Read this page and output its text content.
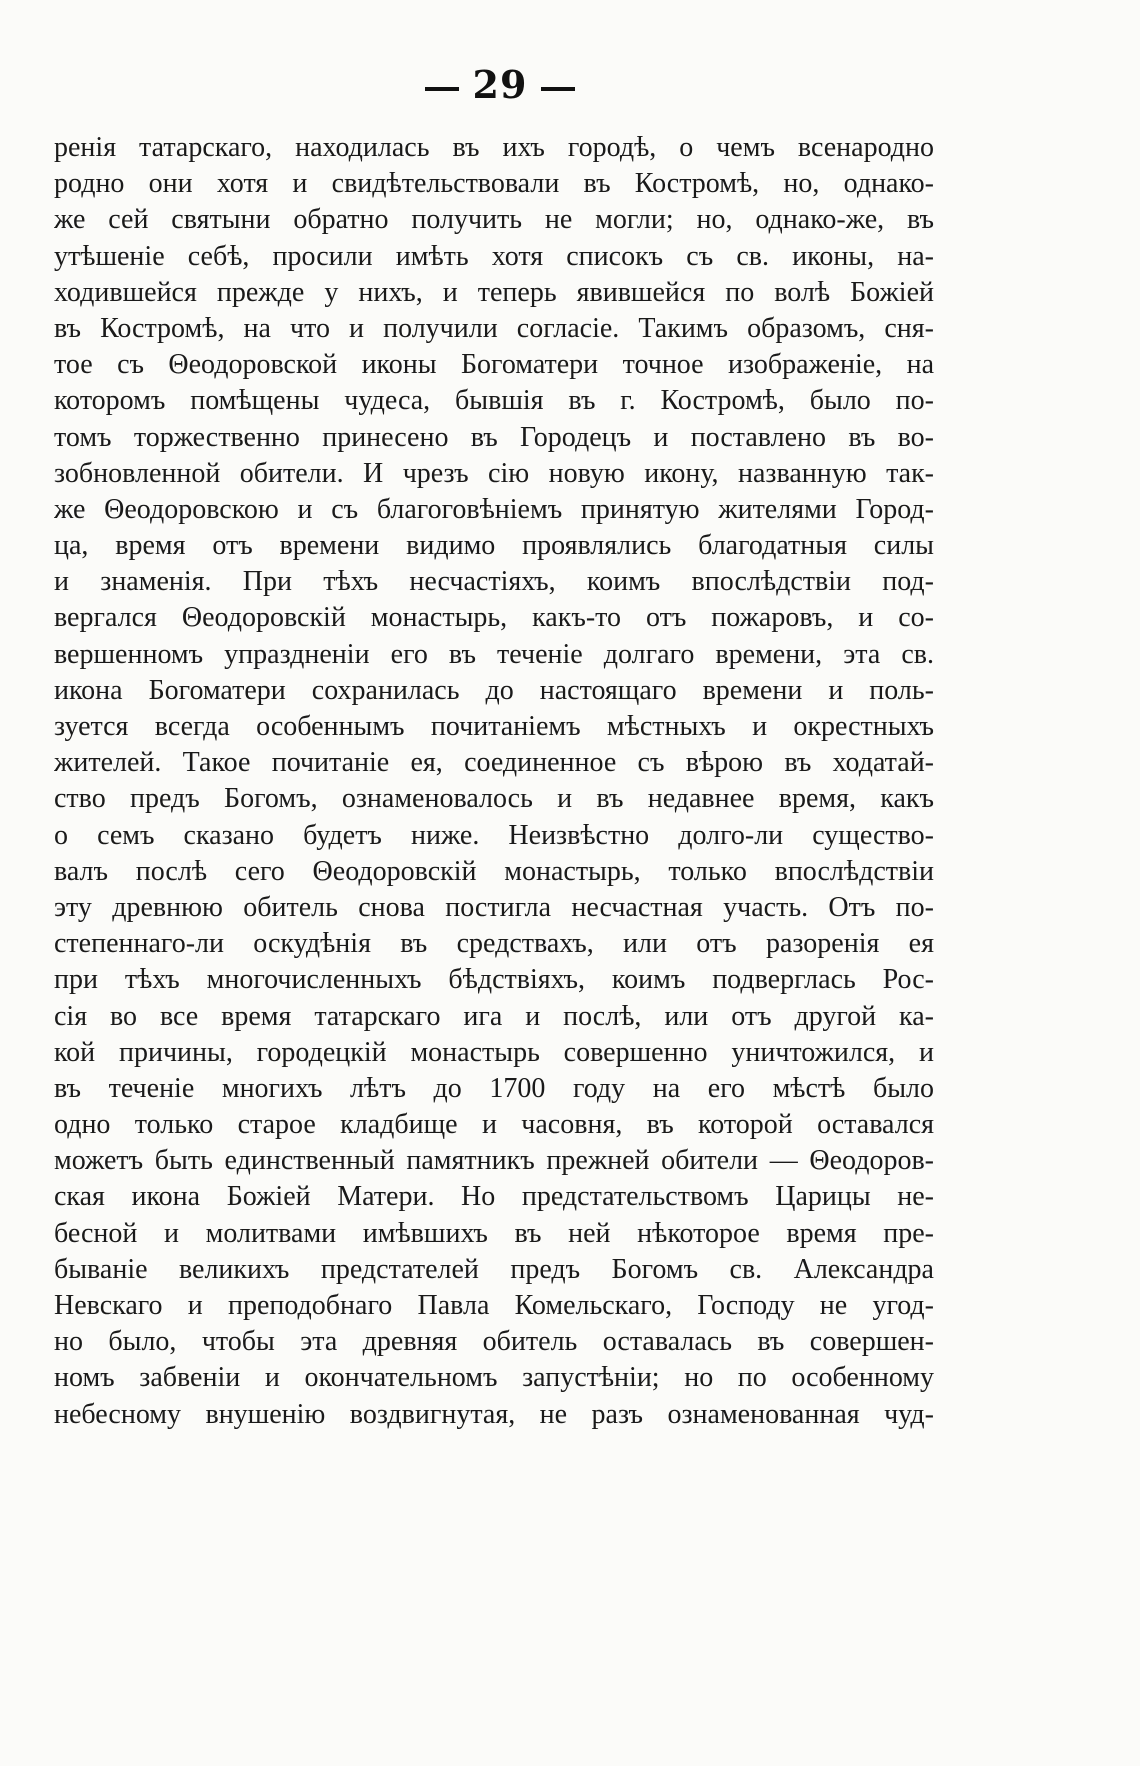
29
ренія татарскаго, находилась въ ихъ городѣ, о чемъ всенародно
родно они хотя и свидѣтельствовали въ Костромѣ, но, однако-
же сей святыни обратно получить не могли; но, однако-же, въ
утѣшеніе себѣ, просили имѣть хотя списокъ съ св. иконы, на-
ходившейся прежде у нихъ, и теперь явившейся по волѣ Божіей
въ Костромѣ, на что и получили согласіе. Такимъ образомъ, сня-
тое съ Θеодоровской иконы Богоматери точное изображеніе, на
которомъ помѣщены чудеса, бывшія въ г. Костромѣ, было по-
томъ торжественно принесено въ Городецъ и поставлено въ во-
зобновленной обители. И чрезъ сію новую икону, названную так-
же Θеодоровскою и съ благоговѣніемъ принятую жителями Город-
ца, время отъ времени видимо проявлялись благодатныя силы
и знаменія. При тѣхъ несчастіяхъ, коимъ впослѣдствіи под-
вергался Θеодоровскій монастырь, какъ-то отъ пожаровъ, и со-
вершенномъ упраздненіи его въ теченіе долгаго времени, эта св.
икона Богоматери сохранилась до настоящаго времени и поль-
зуется всегда особеннымъ почитаніемъ мѣстныхъ и окрестныхъ
жителей. Такое почитаніе ея, соединенное съ вѣрою въ ходатай-
ство предъ Богомъ, ознаменовалось и въ недавнее время, какъ
о семъ сказано будетъ ниже. Неизвѣстно долго-ли существо-
валъ послѣ сего Θеодоровскій монастырь, только впослѣдствіи
эту древнюю обитель снова постигла несчастная участь. Отъ по-
степеннаго-ли оскудѣнія въ средствахъ, или отъ разоренія ея
при тѣхъ многочисленныхъ бѣдствіяхъ, коимъ подверглась Рос-
сія во все время татарскаго ига и послѣ, или отъ другой ка-
кой причины, городецкій монастырь совершенно уничтожился, и
въ теченіе многихъ лѣтъ до 1700 году на его мѣстѣ было
одно только старое кладбище и часовня, въ которой оставался
можетъ быть единственный памятникъ прежней обители — Θеодоров-
ская икона Божіей Матери. Но предстательствомъ Царицы не-
бесной и молитвами имѣвшихъ въ ней нѣкоторое время пре-
быванiе великихъ предстателей предъ Богомъ св. Александра
Невскаго и преподобнаго Павла Комельскаго, Господу не угод-
но было, чтобы эта древняя обитель оставалась въ совершен-
номъ забвеніи и окончательномъ запустѣніи; но по особенному
небесному внушенію воздвигнутая, не разъ ознаменованная чуд-
